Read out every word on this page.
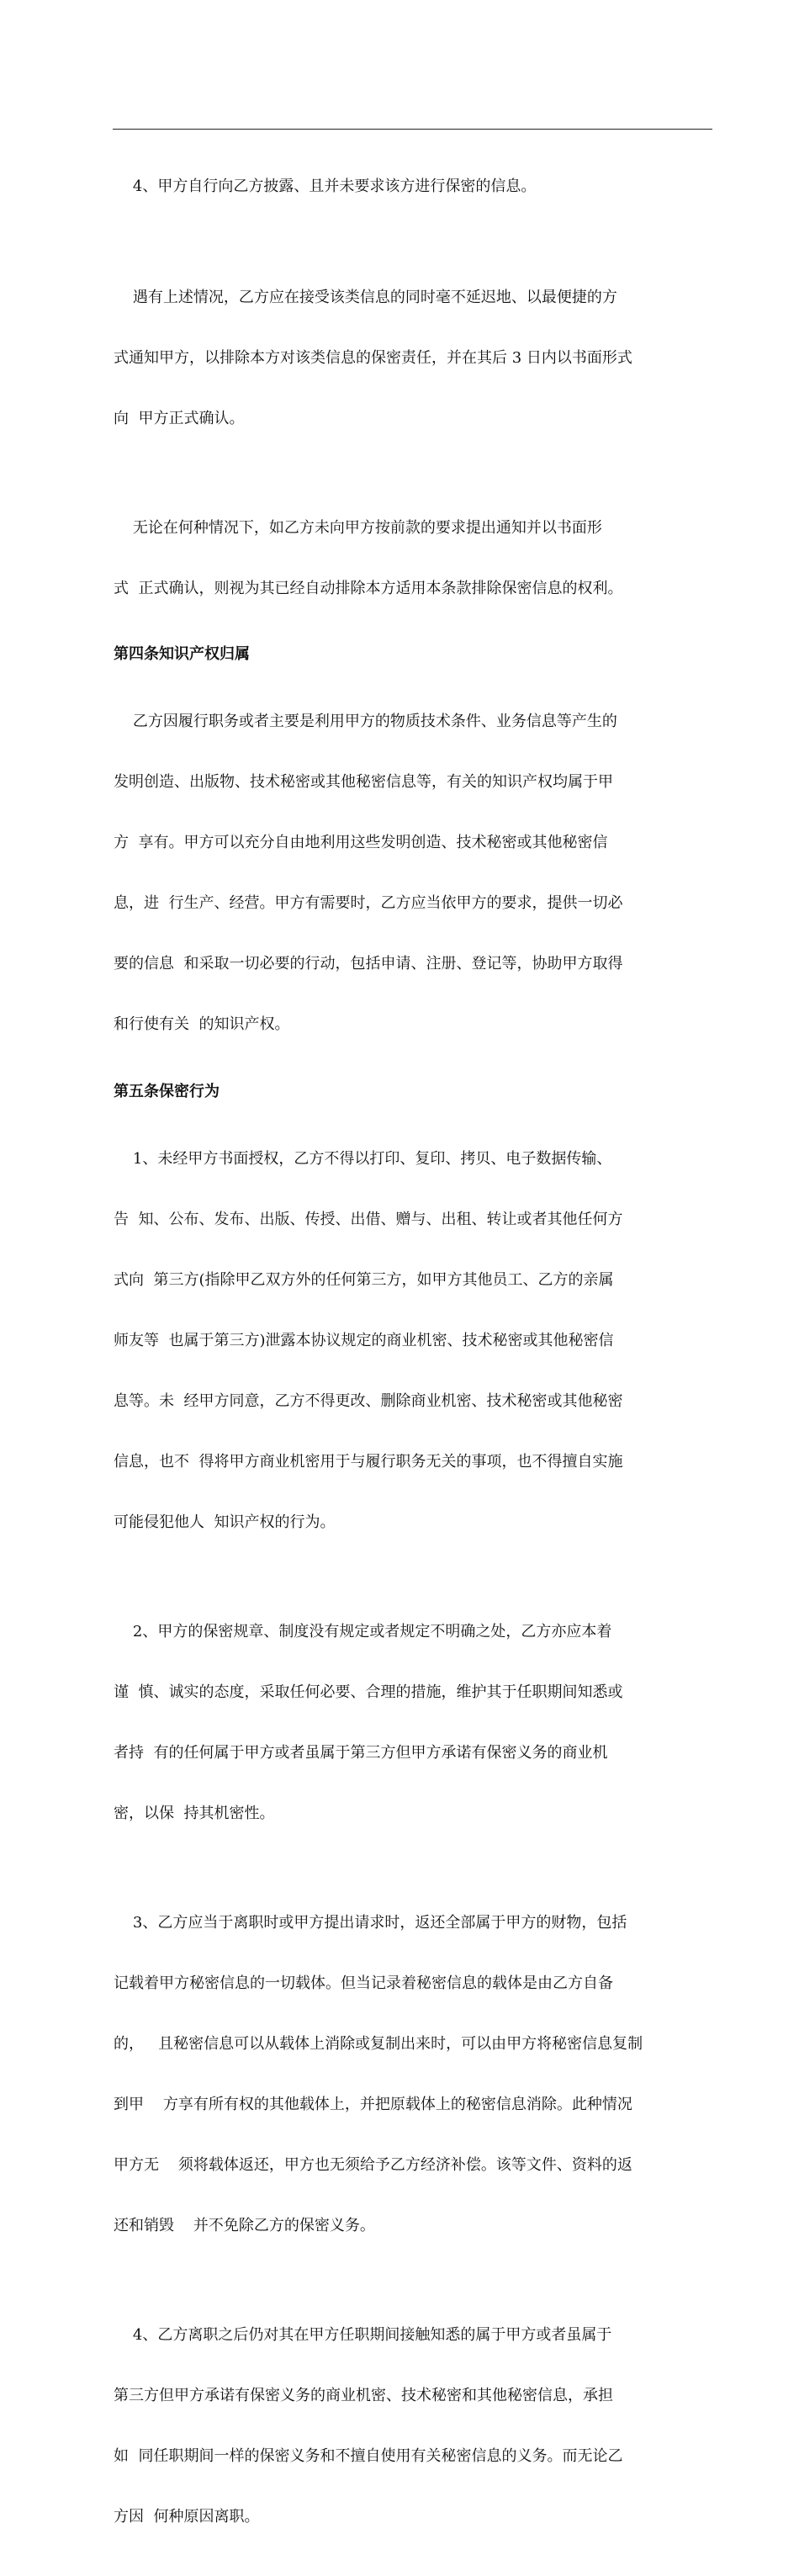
4、甲方自行向乙方披露、且并未要求该方进行保密的信息。

遇有上述情况，乙方应在接受该类信息的同时毫不延迟地、以最便捷的方

式通知甲方，以排除本方对该类信息的保密责任，并在其后 3 日内以书面形式

向  甲方正式确认。

无论在何种情况下，如乙方未向甲方按前款的要求提出通知并以书面形

式  正式确认，则视为其已经自动排除本方适用本条款排除保密信息的权利。

第四条知识产权归属

乙方因履行职务或者主要是利用甲方的物质技术条件、业务信息等产生的

发明创造、出版物、技术秘密或其他秘密信息等，有关的知识产权均属于甲

方  享有。甲方可以充分自由地利用这些发明创造、技术秘密或其他秘密信

息，进  行生产、经营。甲方有需要时，乙方应当依甲方的要求，提供一切必

要的信息  和采取一切必要的行动，包括申请、注册、登记等，协助甲方取得

和行使有关  的知识产权。

第五条保密行为

1、未经甲方书面授权，乙方不得以打印、复印、拷贝、电子数据传输、

告  知、公布、发布、出版、传授、出借、赠与、出租、转让或者其他任何方

式向  第三方(指除甲乙双方外的任何第三方，如甲方其他员工、乙方的亲属

师友等  也属于第三方)泄露本协议规定的商业机密、技术秘密或其他秘密信

息等。未  经甲方同意，乙方不得更改、删除商业机密、技术秘密或其他秘密

信息，也不  得将甲方商业机密用于与履行职务无关的事项，也不得擅自实施

可能侵犯他人  知识产权的行为。

2、甲方的保密规章、制度没有规定或者规定不明确之处，乙方亦应本着

谨  慎、诚实的态度，采取任何必要、合理的措施，维护其于任职期间知悉或

者持  有的任何属于甲方或者虽属于第三方但甲方承诺有保密义务的商业机

密，以保  持其机密性。

3、乙方应当于离职时或甲方提出请求时，返还全部属于甲方的财物，包括

记载着甲方秘密信息的一切载体。但当记录着秘密信息的载体是由乙方自备

的，   且秘密信息可以从载体上消除或复制出来时，可以由甲方将秘密信息复制

到甲    方享有所有权的其他载体上，并把原载体上的秘密信息消除。此种情况

甲方无    须将载体返还，甲方也无须给予乙方经济补偿。该等文件、资料的返

还和销毁    并不免除乙方的保密义务。

4、乙方离职之后仍对其在甲方任职期间接触知悉的属于甲方或者虽属于

第三方但甲方承诺有保密义务的商业机密、技术秘密和其他秘密信息，承担

如  同任职期间一样的保密义务和不擅自使用有关秘密信息的义务。而无论乙

方因  何种原因离职。
